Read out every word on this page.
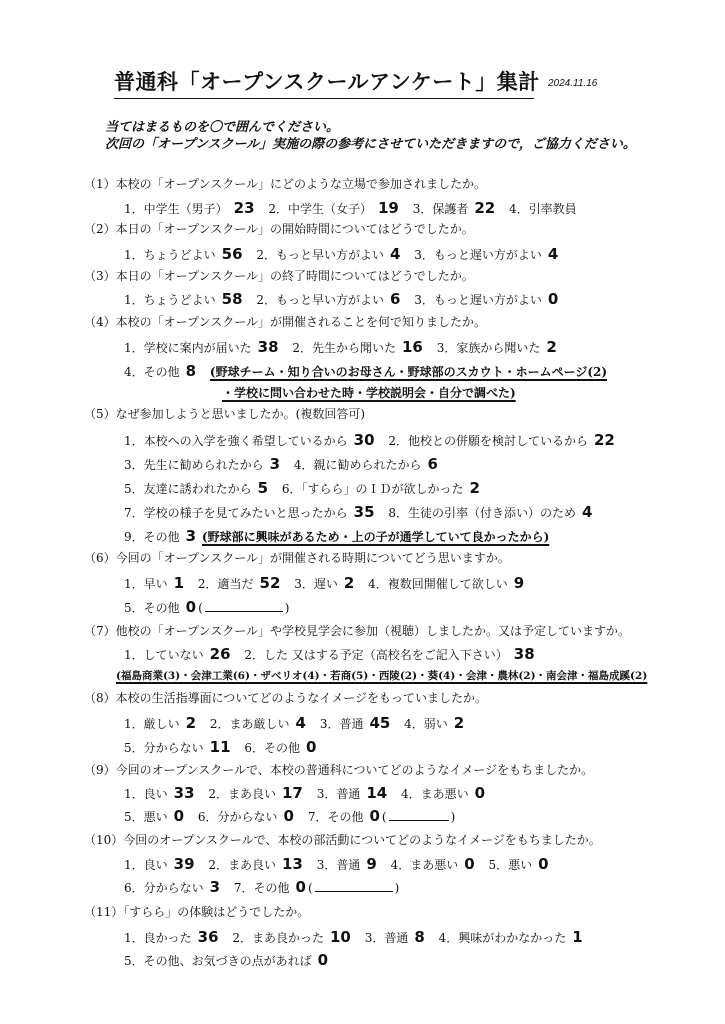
普通科「オープンスクールアンケート」集計 2024.11.16
当てはまるものを〇で囲んでください。
次回の「オープンスクール」実施の際の参考にさせていただきますので，ご協力ください。
（1）本校の「オープンスクール」にどのような立場で参加されましたか。
1．中学生（男子） 23 2．中学生（女子） 19 3．保護者 22 4．引率教員
（2）本日の「オープンスクール」の開始時間についてはどうでしたか。
1．ちょうどよい 56 2．もっと早い方がよい 4 3．もっと遅い方がよい 4
（3）本日の「オープンスクール」の終了時間についてはどうでしたか。
1．ちょうどよい 58 2．もっと早い方がよい 6 3．もっと遅い方がよい 0
（4）本校の「オープンスクール」が開催されることを何で知りましたか。
1．学校に案内が届いた 38 2．先生から聞いた 16 3．家族から聞いた 2
4．その他 8 (野球チーム・知り合いのお母さん・野球部のスカウト・ホームページ(2)
・学校に問い合わせた時・学校説明会・自分で調べた)
（5）なぜ参加しようと思いましたか。(複数回答可)
1．本校への入学を強く希望しているから 30 2．他校との併願を検討しているから 22
3．先生に勧められたから 3 4．親に勧められたから 6
5．友達に誘われたから 5 6．「すらら」のＩＤが欲しかった 2
7．学校の様子を見てみたいと思ったから 35 8．生徒の引率（付き添い）のため 4
9．その他 3 (野球部に興味があるため・上の子が通学していて良かったから)
（6）今回の「オープンスクール」が開催される時期についてどう思いますか。
1．早い 1 2．適当だ 52 3．遅い 2 4．複数回開催して欲しい 9
5．その他 0 (	)
（7）他校の「オープンスクール」や学校見学会に参加（視聴）しましたか。又は予定していますか。
1．していない 26 2．した 又はする予定（高校名をご記入下さい） 38
(福島商業(3)・会津工業(6)・ザベリオ(4)・若商(5)・西陵(2)・葵(4)・会津・農林(2)・南会津・福島成蹊(2)
（8）本校の生活指導面についてどのようなイメージをもっていましたか。
1．厳しい 2 2．まあ厳しい 4 3．普通 45 4．弱い 2
5．分からない 11 6．その他 0
（9）今回のオープンスクールで、本校の普通科についてどのようなイメージをもちましたか。
1．良い 33 2．まあ良い 17 3．普通 14 4．まあ悪い 0
5．悪い 0 6．分からない 0 7．その他 0 (	)
（10）今回のオープンスクールで、本校の部活動についてどのようなイメージをもちましたか。
1．良い 39 2．まあ良い 13 3．普通 9 4．まあ悪い 0 5．悪い 0
6．分からない 3 7．その他 0 (	)
（11）「すらら」の体験はどうでしたか。
1．良かった 36 2．まあ良かった 10 3．普通 8 4．興味がわかなかった 1
5．その他、お気づきの点があれば 0
